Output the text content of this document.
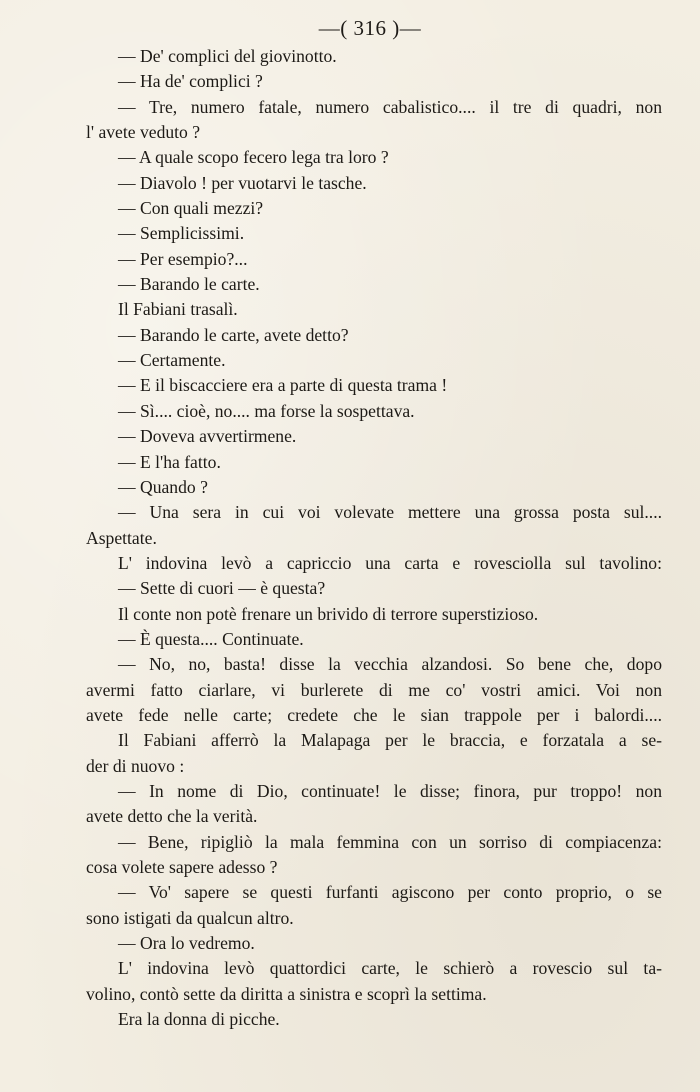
—( 316 )—
— De' complici del giovinotto.
— Ha de' complici ?
— Tre, numero fatale, numero cabalistico.... il tre di quadri, non
l' avete veduto ?
— A quale scopo fecero lega tra loro ?
— Diavolo ! per vuotarvi le tasche.
— Con quali mezzi?
— Semplicissimi.
— Per esempio?...
— Barando le carte.
Il Fabiani trasalì.
— Barando le carte, avete detto?
— Certamente.
— E il biscacciere era a parte di questa trama !
— Sì.... cioè, no.... ma forse la sospettava.
— Doveva avvertirmene.
— E l'ha fatto.
— Quando ?
— Una sera in cui voi volevate mettere una grossa posta sul....
Aspettate.
L' indovina levò a capriccio una carta e rovesciolla sul tavolino:
— Sette di cuori — è questa?
Il conte non potè frenare un brivido di terrore superstizioso.
— È questa.... Continuate.
— No, no, basta! disse la vecchia alzandosi. So bene che, dopo
avermi fatto ciarlare, vi burlerete di me co' vostri amici. Voi non
avete fede nelle carte; credete che le sian trappole per i balordi....
Il Fabiani afferrò la Malapaga per le braccia, e forzatala a se-
der di nuovo :
— In nome di Dio, continuate! le disse; finora, pur troppo! non
avete detto che la verità.
— Bene, ripigliò la mala femmina con un sorriso di compiacenza:
cosa volete sapere adesso ?
— Vo' sapere se questi furfanti agiscono per conto proprio, o se
sono istigati da qualcun altro.
— Ora lo vedremo.
L' indovina levò quattordici carte, le schierò a rovescio sul ta-
volino, contò sette da diritta a sinistra e scoprì la settima.
Era la donna di picche.
